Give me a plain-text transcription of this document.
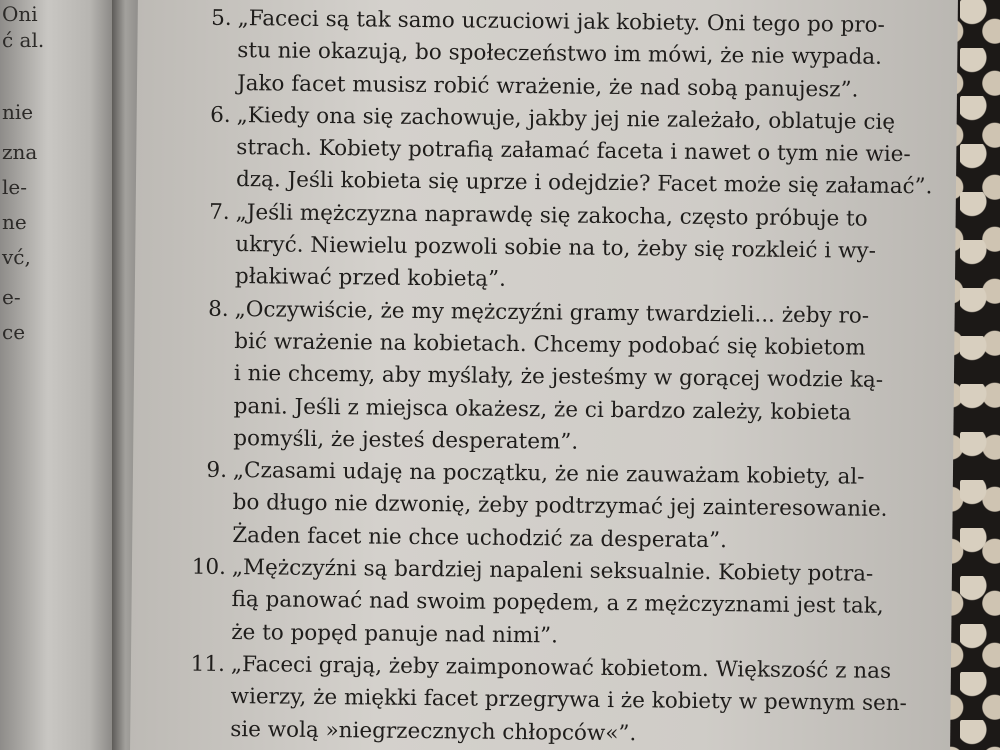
Oni
ć al.
nie
zna
le-
ne
vć,
e-
ce
5. „Faceci są tak samo uczuciowi jak kobiety. Oni tego po pro-
stu nie okazują, bo społeczeństwo im mówi, że nie wypada.
Jako facet musisz robić wrażenie, że nad sobą panujesz”.
6. „Kiedy ona się zachowuje, jakby jej nie zależało, oblatuje cię
strach. Kobiety potrafią załamać faceta i nawet o tym nie wie-
dzą. Jeśli kobieta się uprze i odejdzie? Facet może się załamać”.
7. „Jeśli mężczyzna naprawdę się zakocha, często próbuje to
ukryć. Niewielu pozwoli sobie na to, żeby się rozkleić i wy-
płakiwać przed kobietą”.
8. „Oczywiście, że my mężczyźni gramy twardzieli... żeby ro-
bić wrażenie na kobietach. Chcemy podobać się kobietom
i nie chcemy, aby myślały, że jesteśmy w gorącej wodzie ką-
pani. Jeśli z miejsca okażesz, że ci bardzo zależy, kobieta
pomyśli, że jesteś desperatem”.
9. „Czasami udaję na początku, że nie zauważam kobiety, al-
bo długo nie dzwonię, żeby podtrzymać jej zainteresowanie.
Żaden facet nie chce uchodzić za desperata”.
10. „Mężczyźni są bardziej napaleni seksualnie. Kobiety potra-
fią panować nad swoim popędem, a z mężczyznami jest tak,
że to popęd panuje nad nimi”.
11. „Faceci grają, żeby zaimponować kobietom. Większość z nas
wierzy, że miękki facet przegrywa i że kobiety w pewnym sen-
sie wolą »niegrzecznych chłopców«”.
